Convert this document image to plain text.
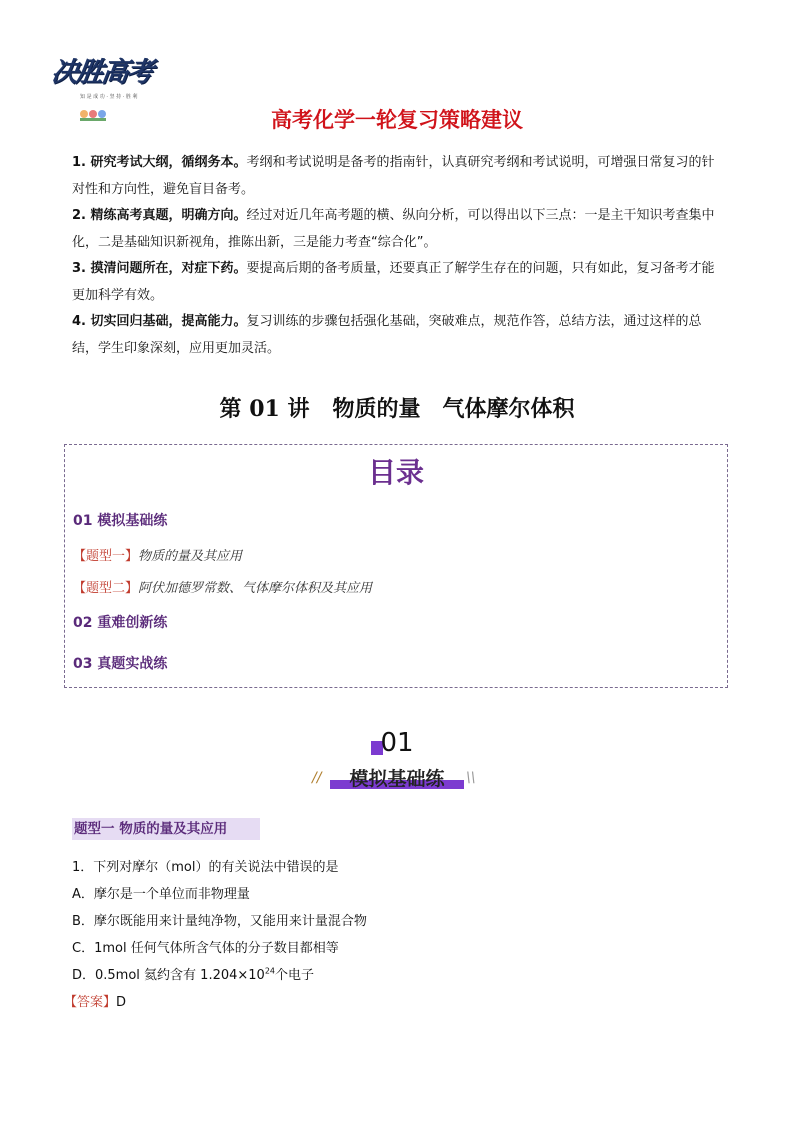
决胜高考
知 是 成 功 · 坚 持 · 胜 利
高考化学一轮复习策略建议

1. 研究考试大纲，循纲务本。考纲和考试说明是备考的指南针，认真研究考纲和考试说明，可增强日常复习的针对性和方向性，避免盲目备考。

2. 精练高考真题，明确方向。经过对近几年高考题的横、纵向分析，可以得出以下三点：一是主干知识考查集中化，二是基础知识新视角，推陈出新，三是能力考查“综合化”。

3. 摸清问题所在，对症下药。要提高后期的备考质量，还要真正了解学生存在的问题，只有如此，复习备考才能更加科学有效。

4. 切实回归基础，提高能力。复习训练的步骤包括强化基础，突破难点，规范作答，总结方法，通过这样的总结，学生印象深刻，应用更加灵活。

第 01 讲 物质的量　气体摩尔体积
目录
01 模拟基础练
【题型一】物质的量及其应用
【题型二】阿伏加德罗常数、气体摩尔体积及其应用
02 重难创新练
03 真题实战练
01
//	模拟基础练	\\
题型一 物质的量及其应用
1．下列对摩尔（mol）的有关说法中错误的是
A．摩尔是一个单位而非物理量
B．摩尔既能用来计量纯净物，又能用来计量混合物
C．1mol 任何气体所含气体的分子数目都相等
D．0.5mol 氦约含有 $1.204\times 10^{24}$个电子
【答案】D
